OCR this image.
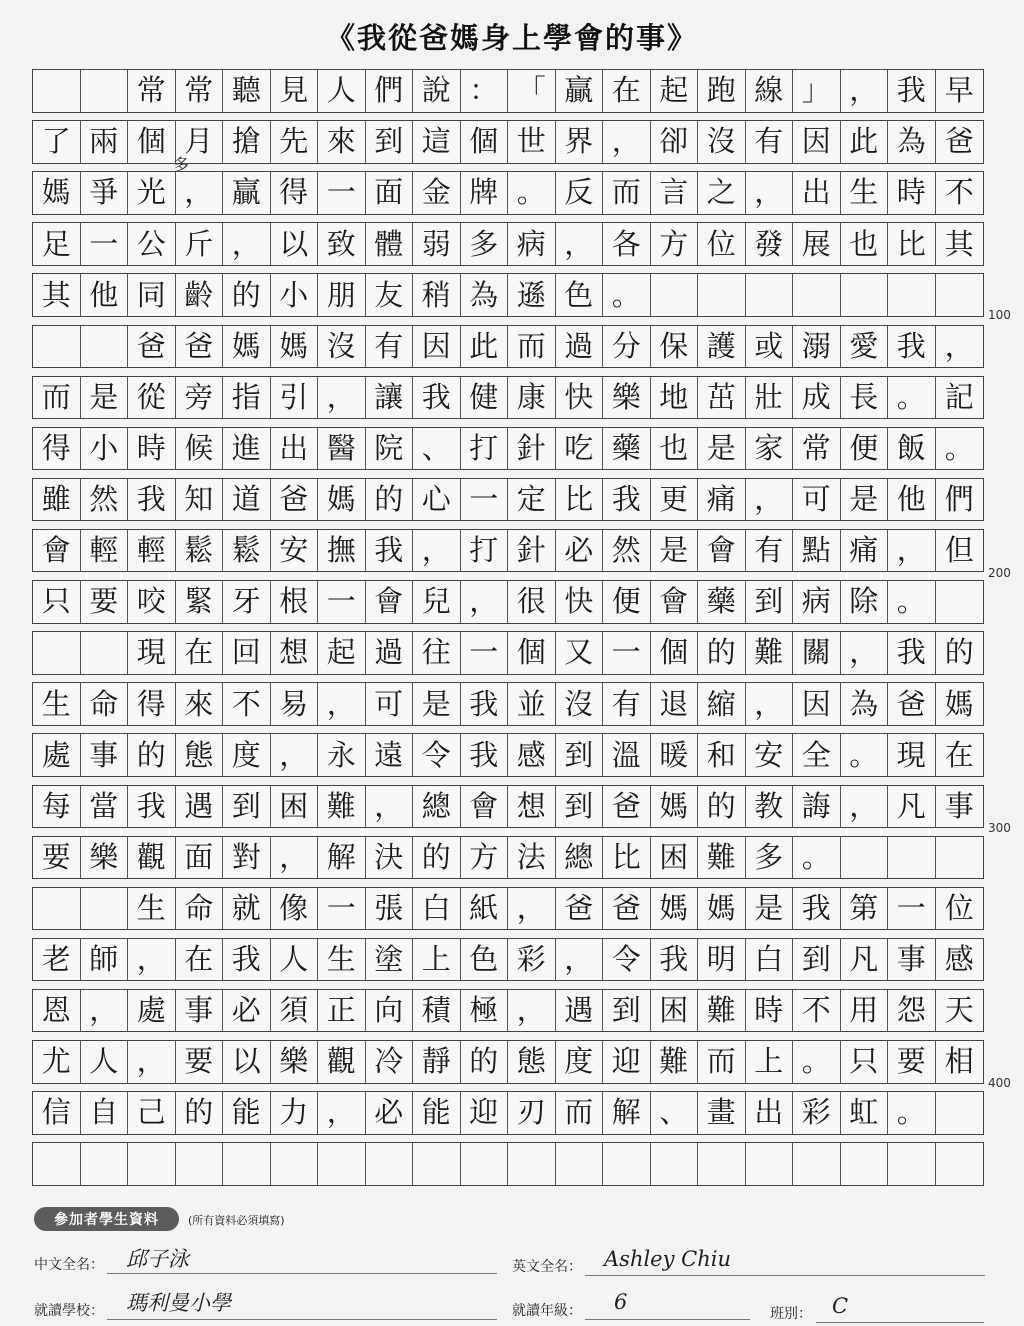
《我從爸媽身上學會的事》
常 常 聽 見 人 們 說 ： 「 贏 在 起 跑 線 」 ， 我 早
了 兩 個 月 搶 先 來 到 這 個 世 界 ， 卻 沒 有 因 此 為 爸
媽 爭 光 ， 贏 得 一 面 金 牌 。 反 而 言 之 ， 出 生 時 不
足 一 公 斤 ， 以 致 體 弱 多 病 ， 各 方 位 發 展 也 比 其
其 他 同 齡 的 小 朋 友 稍 為 遜 色 。
爸 爸 媽 媽 沒 有 因 此 而 過 分 保 護 或 溺 愛 我 ，
而 是 從 旁 指 引 ， 讓 我 健 康 快 樂 地 茁 壯 成 長 。 記
得 小 時 候 進 出 醫 院 、 打 針 吃 藥 也 是 家 常 便 飯 。
雖 然 我 知 道 爸 媽 的 心 一 定 比 我 更 痛 ， 可 是 他 們
會 輕 輕 鬆 鬆 安 撫 我 ， 打 針 必 然 是 會 有 點 痛 ， 但
只 要 咬 緊 牙 根 一 會 兒 ， 很 快 便 會 藥 到 病 除 。
現 在 回 想 起 過 往 一 個 又 一 個 的 難 關 ， 我 的
生 命 得 來 不 易 ， 可 是 我 並 沒 有 退 縮 ， 因 為 爸 媽
處 事 的 態 度 ， 永 遠 令 我 感 到 溫 暖 和 安 全 。 現 在
每 當 我 遇 到 困 難 ， 總 會 想 到 爸 媽 的 教 誨 ， 凡 事
要 樂 觀 面 對 ， 解 決 的 方 法 總 比 困 難 多 。
生 命 就 像 一 張 白 紙 ， 爸 爸 媽 媽 是 我 第 一 位
老 師 ， 在 我 人 生 塗 上 色 彩 ， 令 我 明 白 到 凡 事 感
恩 ， 處 事 必 須 正 向 積 極 ， 遇 到 困 難 時 不 用 怨 天
尤 人 ， 要 以 樂 觀 冷 靜 的 態 度 迎 難 而 上 。 只 要 相
信 自 己 的 能 力 ， 必 能 迎 刃 而 解 、 畫 出 彩 虹 。
多
100
200
300
400
參加者學生資料	(所有資料必須填寫)
中文全名： 邱子泳	英文全名： Ashley Chiu
就讀學校： 瑪利曼小學	就讀年級： 6	班別： C
